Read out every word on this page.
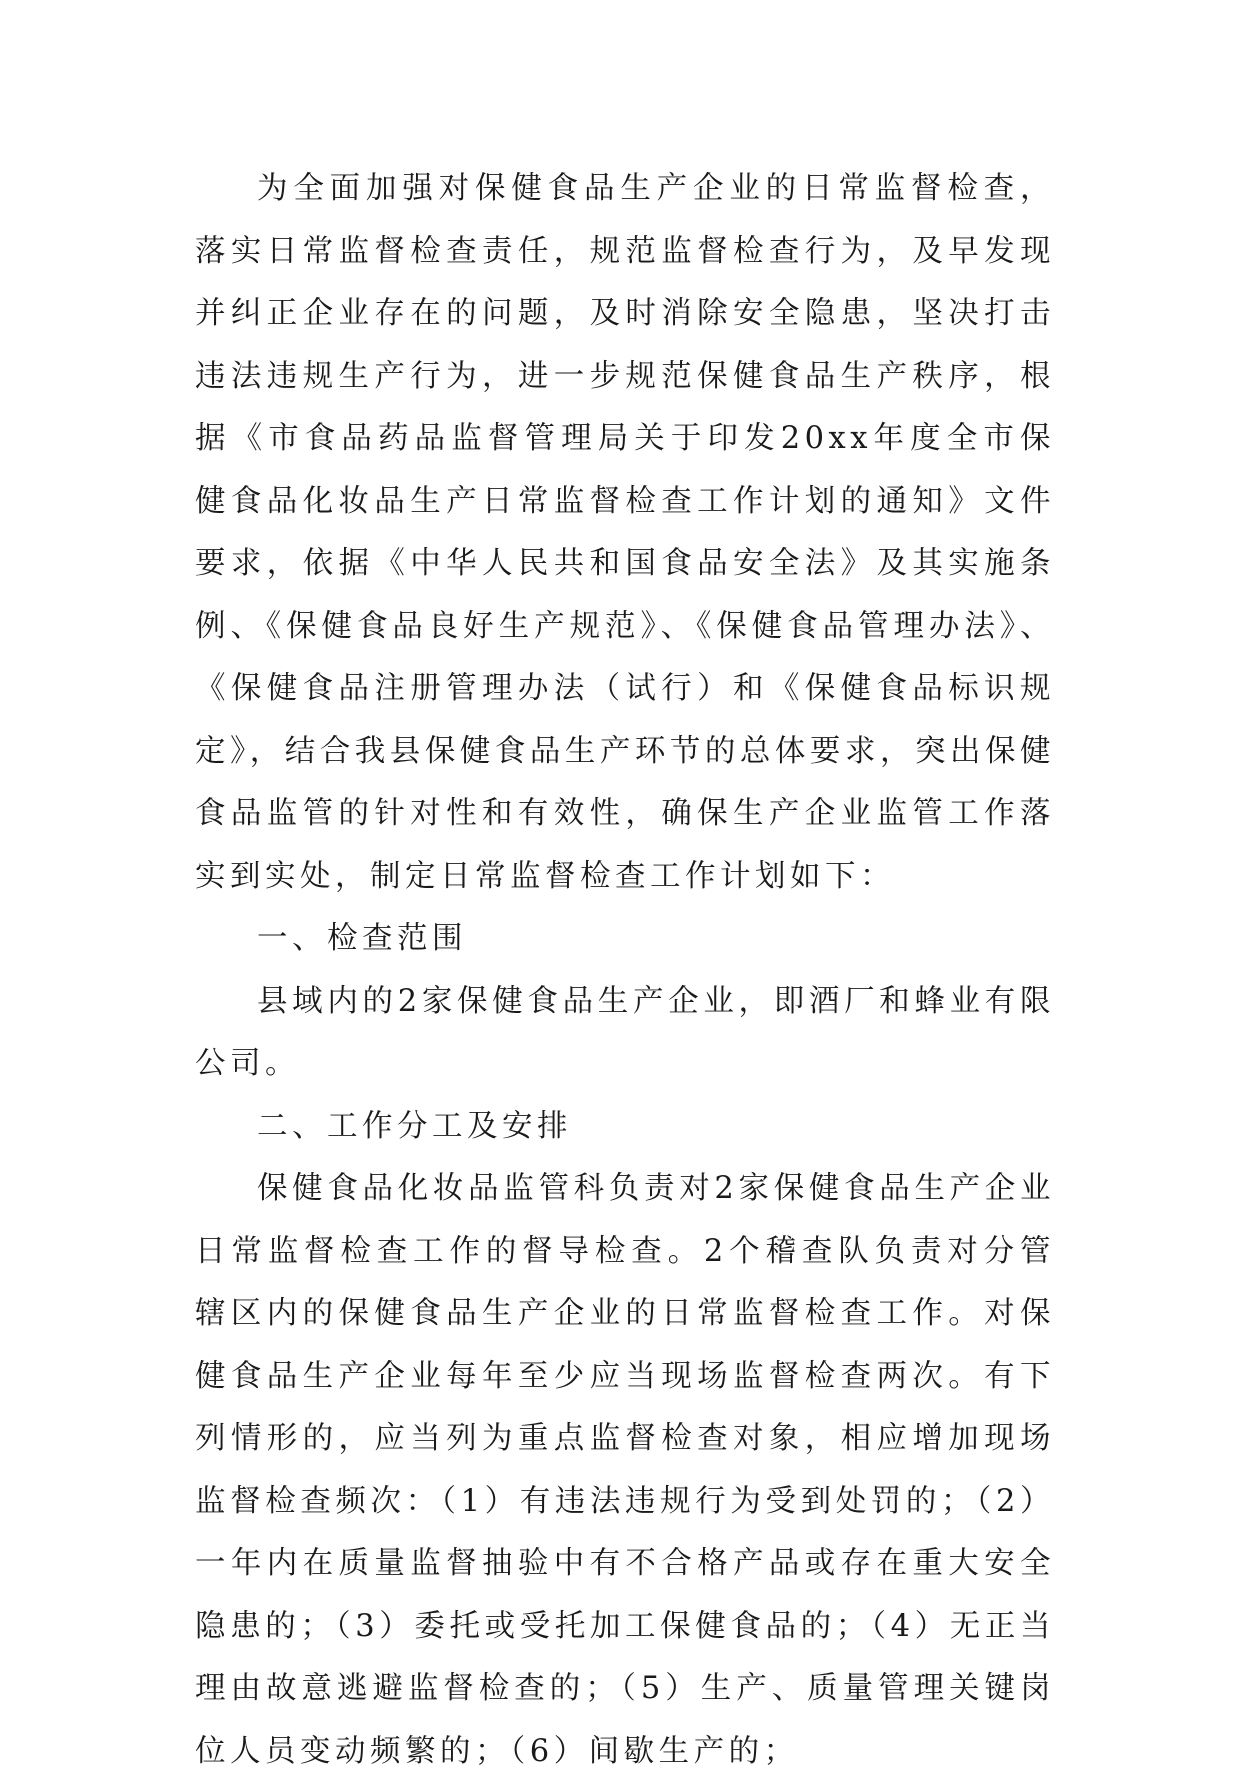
为全面加强对保健食品生产企业的日常监督检查，落实日常监督检查责任，规范监督检查行为，及早发现并纠正企业存在的问题，及时消除安全隐患，坚决打击违法违规生产行为，进一步规范保健食品生产秩序，根据《市食品药品监督管理局关于印发20xx年度全市保健食品化妆品生产日常监督检查工作计划的通知》文件要求，依据《中华人民共和国食品安全法》及其实施条例、《保健食品良好生产规范》、《保健食品管理办法》、《保健食品注册管理办法（试行）和《保健食品标识规定》，结合我县保健食品生产环节的总体要求，突出保健食品监管的针对性和有效性，确保生产企业监管工作落实到实处，制定日常监督检查工作计划如下：

一、检查范围

县域内的2家保健食品生产企业，即酒厂和蜂业有限公司。

二、工作分工及安排

保健食品化妆品监管科负责对2家保健食品生产企业日常监督检查工作的督导检查。2个稽查队负责对分管辖区内的保健食品生产企业的日常监督检查工作。对保健食品生产企业每年至少应当现场监督检查两次。有下列情形的，应当列为重点监督检查对象，相应增加现场监督检查频次：（1）有违法违规行为受到处罚的；（2）一年内在质量监督抽验中有不合格产品或存在重大安全隐患的；（3）委托或受托加工保健食品的；（4）无正当理由故意逃避监督检查的；（5）生产、质量管理关键岗位人员变动频繁的；（6）间歇生产的；
